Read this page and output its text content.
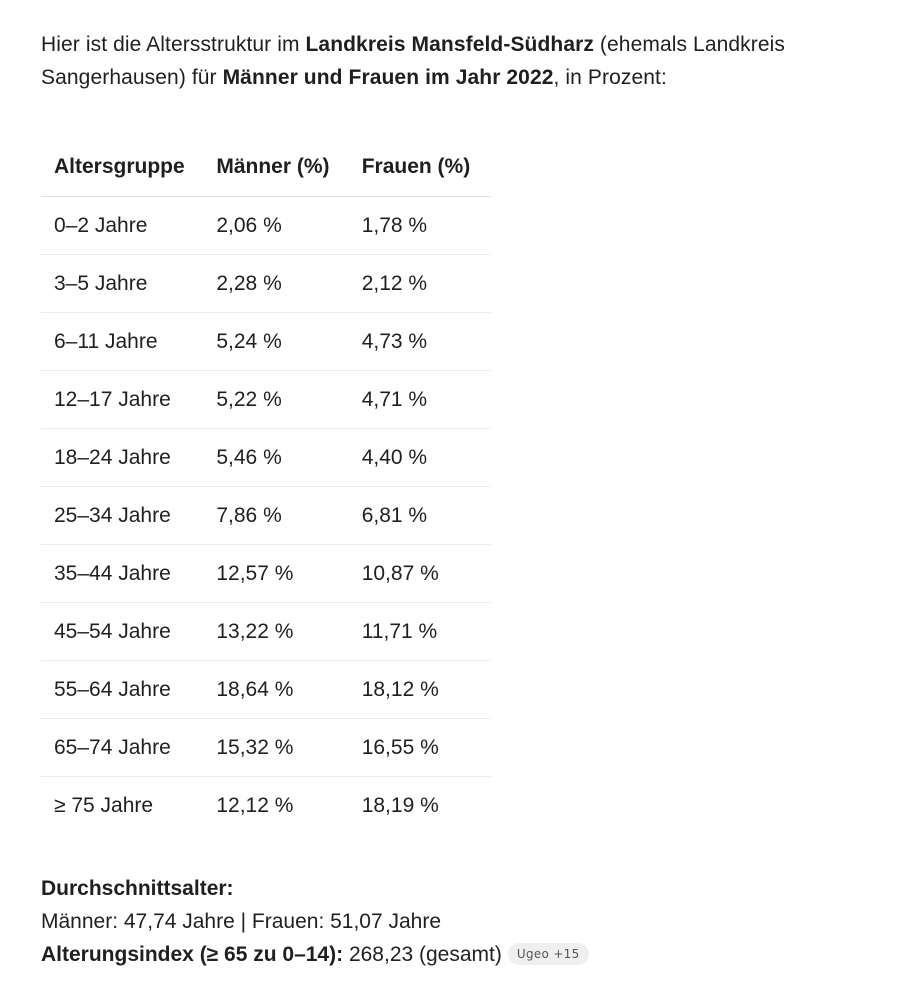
Hier ist die Altersstruktur im Landkreis Mansfeld-Südharz (ehemals Landkreis Sangerhausen) für Männer und Frauen im Jahr 2022, in Prozent:

Altersgruppe	Männer (%)	Frauen (%)
0–2 Jahre	2,06 %	1,78 %
3–5 Jahre	2,28 %	2,12 %
6–11 Jahre	5,24 %	4,73 %
12–17 Jahre	5,22 %	4,71 %
18–24 Jahre	5,46 %	4,40 %
25–34 Jahre	7,86 %	6,81 %
35–44 Jahre	12,57 %	10,87 %
45–54 Jahre	13,22 %	11,71 %
55–64 Jahre	18,64 %	18,12 %
65–74 Jahre	15,32 %	16,55 %
≥ 75 Jahre	12,12 %	18,19 %
Durchschnittsalter:
Männer: 47,74 Jahre | Frauen: 51,07 Jahre
Alterungsindex (≥ 65 zu 0–14): 268,23 (gesamt) Ugeo +15
